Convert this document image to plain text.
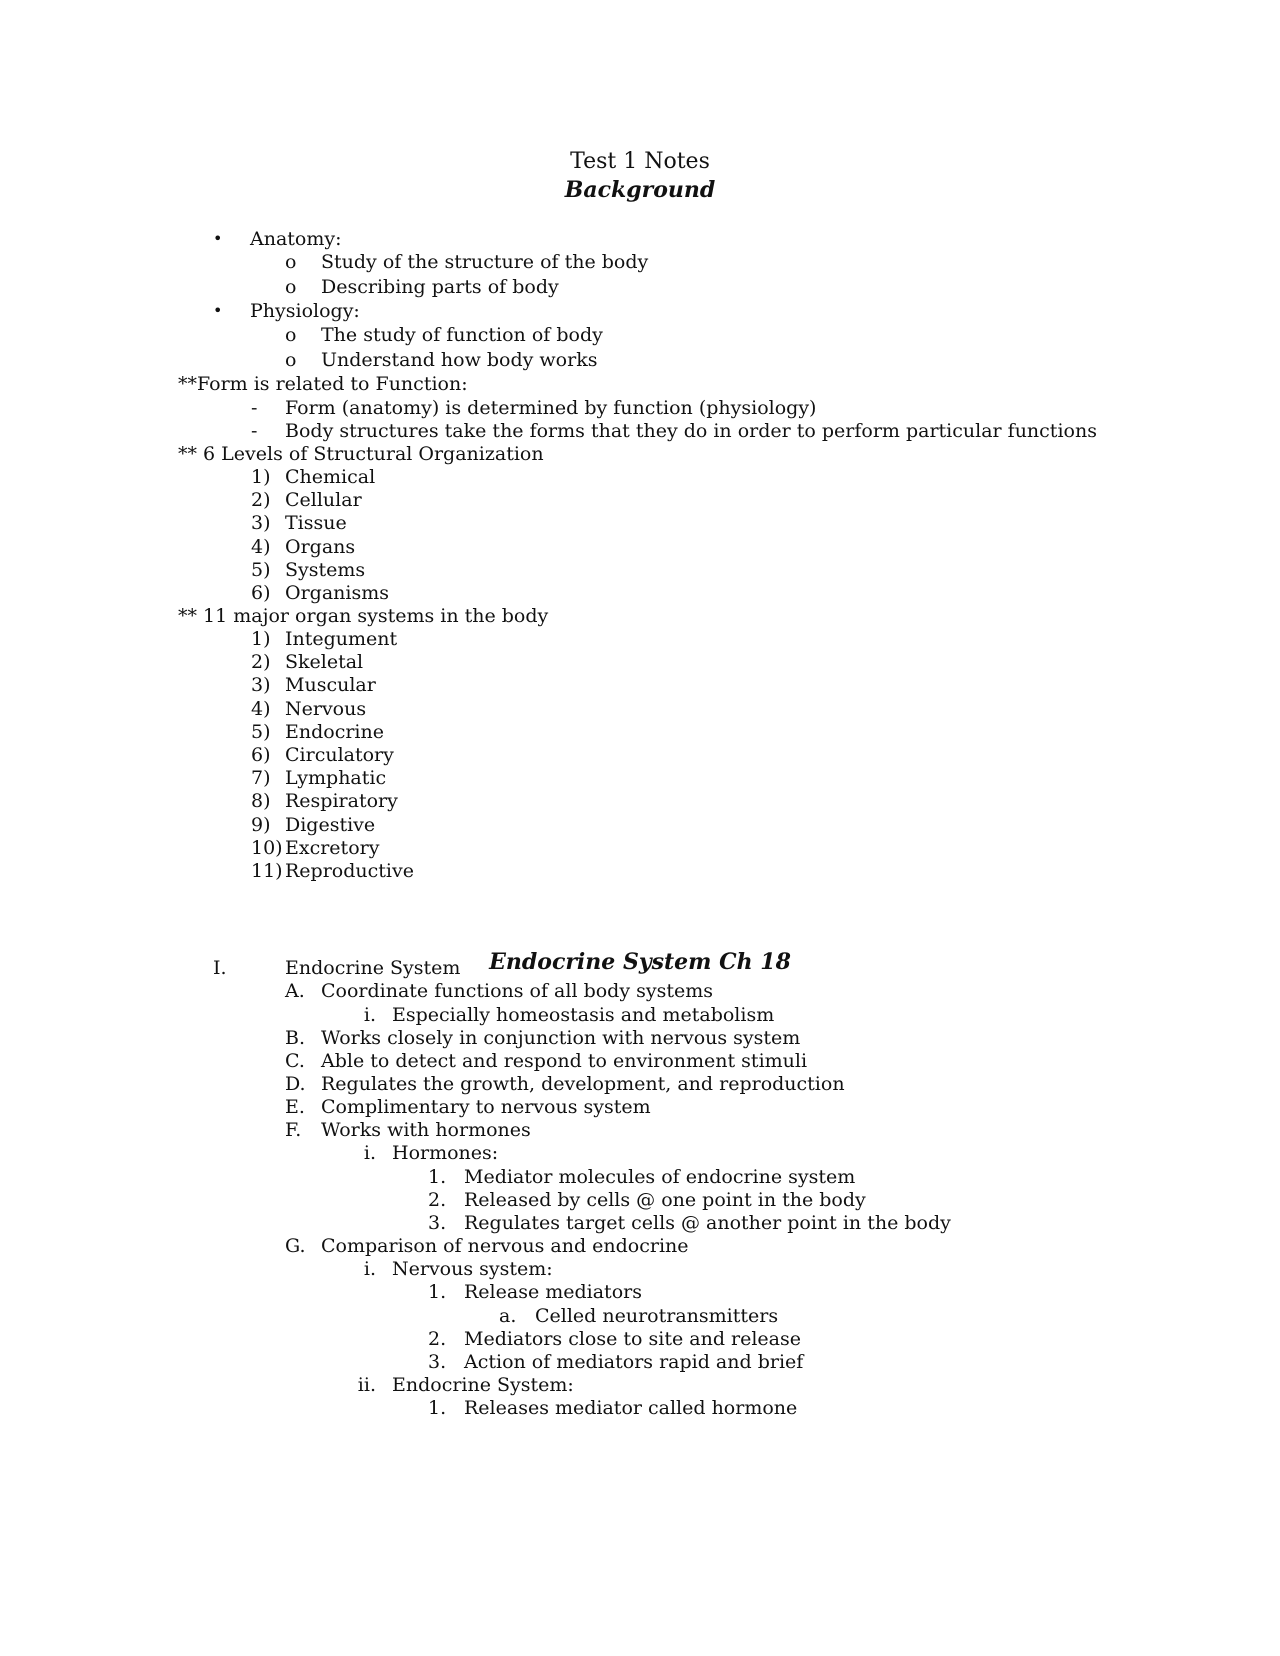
Test 1 Notes
Background
• Anatomy:
o Study of the structure of the body
o Describing parts of body
• Physiology:
o The study of function of body
o Understand how body works
**Form is related to Function:
- Form (anatomy) is determined by function (physiology)
- Body structures take the forms that they do in order to perform particular functions
** 6 Levels of Structural Organization
1) Chemical
2) Cellular
3) Tissue
4) Organs
5) Systems
6) Organisms
** 11 major organ systems in the body
1) Integument
2) Skeletal
3) Muscular
4) Nervous
5) Endocrine
6) Circulatory
7) Lymphatic
8) Respiratory
9) Digestive
10) Excretory
11) Reproductive
Endocrine System Ch 18
I.	Endocrine System
A. Coordinate functions of all body systems
i. Especially homeostasis and metabolism
B. Works closely in conjunction with nervous system
C. Able to detect and respond to environment stimuli
D. Regulates the growth, development, and reproduction
E. Complimentary to nervous system
F. Works with hormones
i. Hormones:
1. Mediator molecules of endocrine system
2. Released by cells @ one point in the body
3. Regulates target cells @ another point in the body
G. Comparison of nervous and endocrine
i. Nervous system:
1. Release mediators
a. Celled neurotransmitters
2. Mediators close to site and release
3. Action of mediators rapid and brief
ii. Endocrine System:
1. Releases mediator called hormone
